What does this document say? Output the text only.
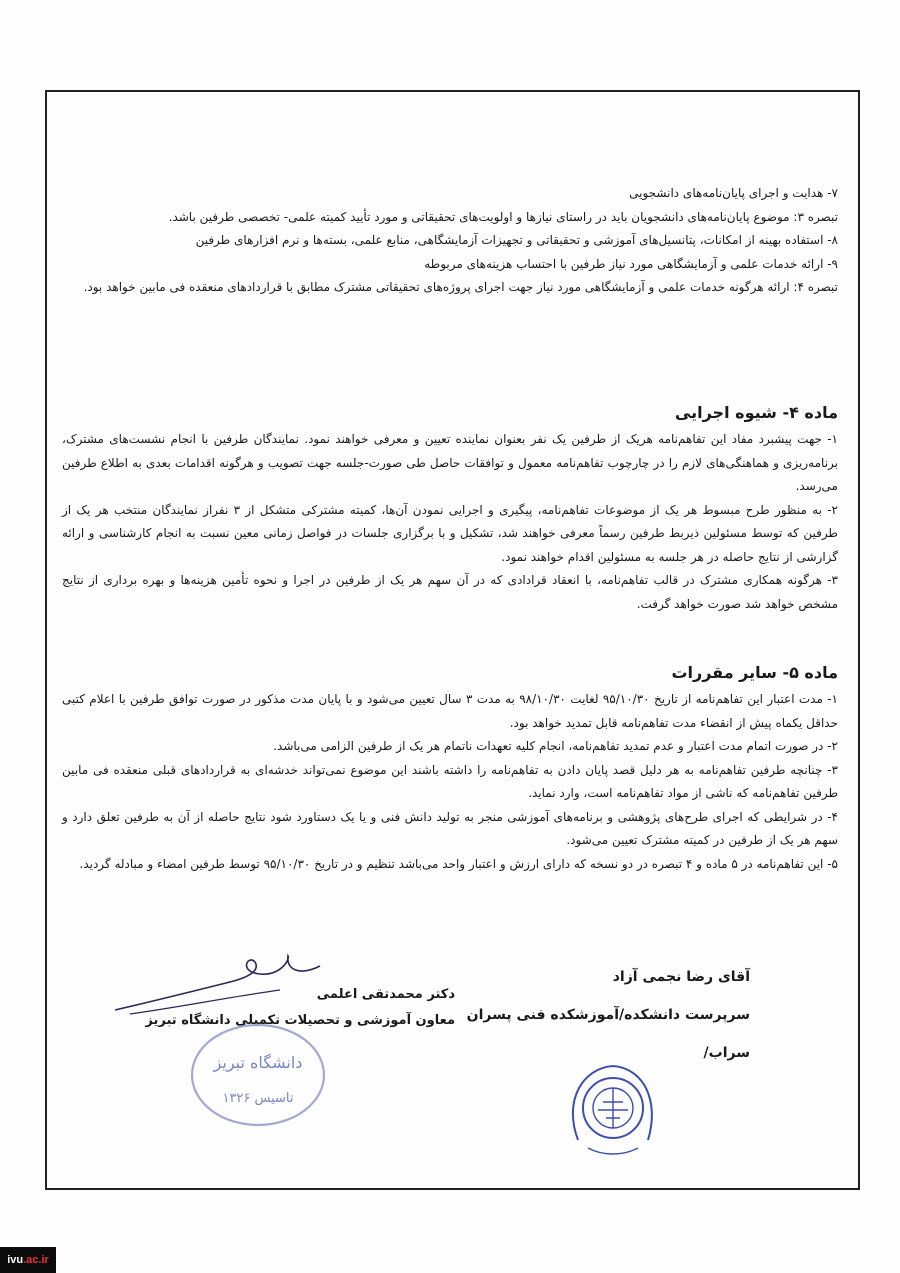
۷- هدایت و اجرای پایان‌نامه‌های دانشجویی

تبصره ۳: موضوع پایان‌نامه‌های دانشجویان باید در راستای نیازها و اولویت‌های تحقیقاتی و مورد تأیید کمیته علمی- تخصصی طرفین باشد.

۸- استفاده بهینه از امکانات، پتانسیل‌های آموزشی و تحقیقاتی و تجهیزات آزمایشگاهی، منابع علمی، بسته‌ها و نرم افزارهای طرفین

۹- ارائه خدمات علمی و آزمایشگاهی مورد نیاز طرفین با احتساب هزینه‌های مربوطه

تبصره ۴: ارائه هرگونه خدمات علمی و آزمایشگاهی مورد نیاز جهت اجرای پروژه‌های تحقیقاتی مشترک مطابق با قراردادهای منعقده فی مابین خواهد بود.

ماده ۴- شیوه اجرایی

۱- جهت پیشبرد مفاد این تفاهم‌نامه هریک از طرفین یک نفر بعنوان نماینده تعیین و معرفی خواهند نمود. نمایندگان طرفین با انجام نشست‌های مشترک، برنامه‌ریزی و هماهنگی‌های لازم را در چارچوب تفاهم‌نامه معمول و توافقات حاصل طی صورت-جلسه جهت تصویب و هرگونه اقدامات بعدی به اطلاع طرفین می‌رسد.

۲- به منظور طرح مبسوط هر یک از موضوعات تفاهم‌نامه، پیگیری و اجرایی نمودن آن‌ها، کمیته مشترکی متشکل از ۳ نفراز نمایندگان منتخب هر یک از طرفین که توسط مسئولین ذیربط طرفین رسماً معرفی خواهند شد، تشکیل و با برگزاری جلسات در فواصل زمانی معین نسبت به انجام کارشناسی و ارائه گزارشی از نتایج حاصله در هر جلسه به مسئولین اقدام خواهند نمود.

۳- هرگونه همکاری مشترک در قالب تفاهم‌نامه، با انعقاد قرادادی که در آن سهم هر یک از طرفین در اجرا و نحوه تأمین هزینه‌ها و بهره برداری از نتایج مشخص خواهد شد صورت خواهد گرفت.

ماده ۵- سایر مقررات

۱- مدت اعتبار این تفاهم‌نامه از تاریخ ۹۵/۱۰/۳۰ لغایت ۹۸/۱۰/۳۰ به مدت ۳ سال تعیین می‌شود و با پایان مدت مذکور در صورت توافق طرفین با اعلام کتبی حداقل یکماه پیش از انقضاء مدت تفاهم‌نامه قابل تمدید خواهد بود.

۲- در صورت اتمام مدت اعتبار و عدم تمدید تفاهم‌نامه، انجام کلیه تعهدات ناتمام هر یک از طرفین الزامی می‌باشد.

۳- چنانچه طرفین تفاهم‌نامه به هر دلیل قصد پایان دادن به تفاهم‌نامه را داشته باشند این موضوع نمی‌تواند خدشه‌ای به قراردادهای قبلی منعقده فی مابین طرفین تفاهم‌نامه که ناشی از مواد تفاهم‌نامه است، وارد نماید.

۴- در شرایطی که اجرای طرح‌های پژوهشی و برنامه‌های آموزشی منجر به تولید دانش فنی و یا یک دستاورد شود نتایج حاصله از آن به طرفین تعلق دارد و سهم هر یک از طرفین در کمیته مشترک تعیین می‌شود.

۵- این تفاهم‌نامه در ۵ ماده و ۴ تبصره در دو نسخه که دارای ارزش و اعتبار واحد می‌باشد تنظیم و در تاریخ ۹۵/۱۰/۳۰ توسط طرفین امضاء و مبادله گردید.

آقای رضا نجمی آزاد
سرپرست دانشکده/آموزشکده فنی پسران
سراب/
دکتر محمدتقی اعلمی
معاون آموزشی و تحصیلات تکمیلی دانشگاه تبریز
دانشگاه تبریز
تاسیس ۱۳۲۶
ivu.ac.ir
